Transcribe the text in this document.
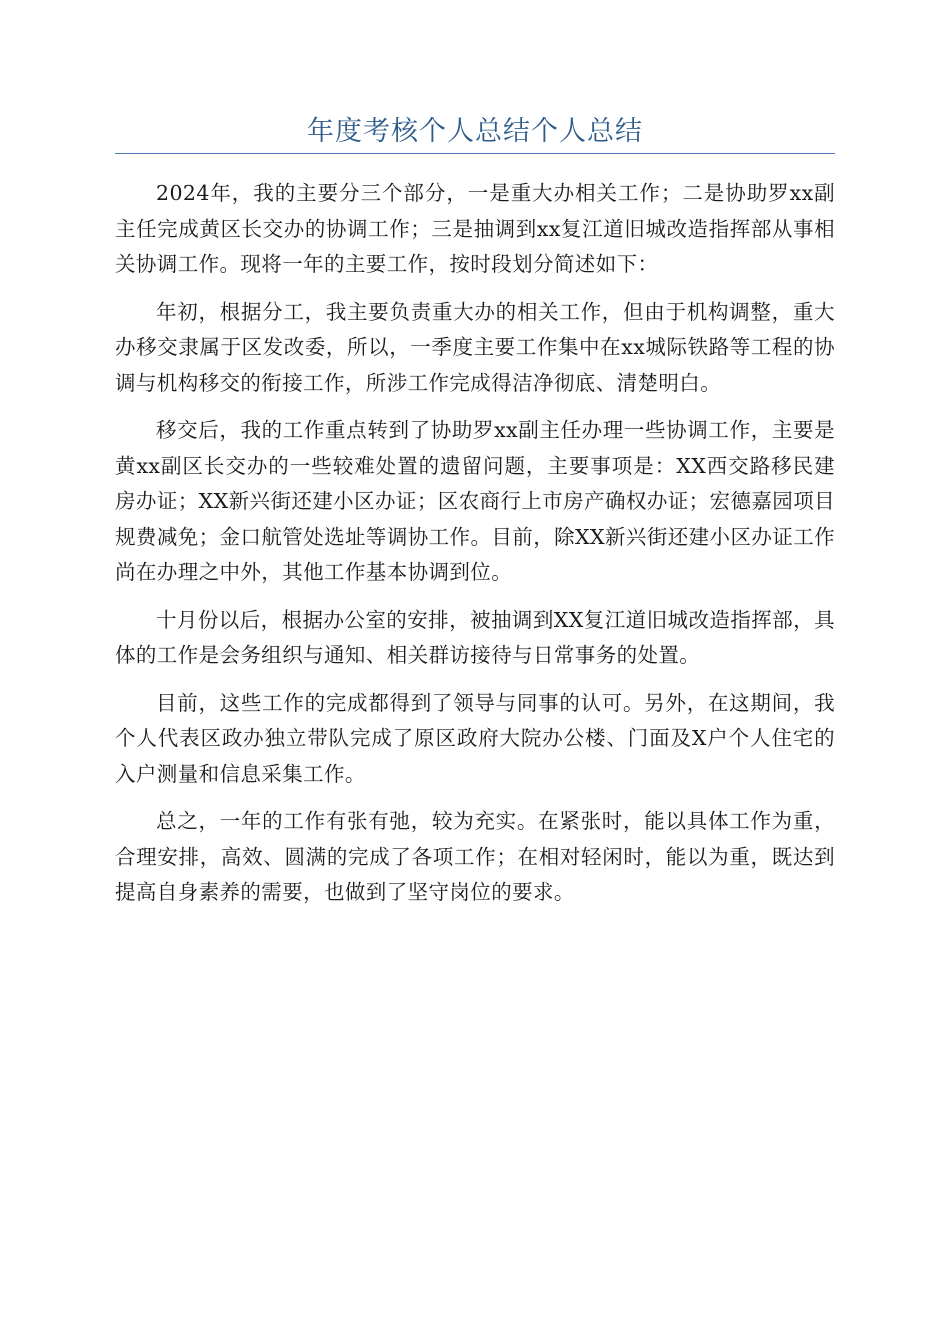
年度考核个人总结个人总结

2024年，我的主要分三个部分，一是重大办相关工作；二是协助罗xx副主任完成黄区长交办的协调工作；三是抽调到xx复江道旧城改造指挥部从事相关协调工作。现将一年的主要工作，按时段划分简述如下：

年初，根据分工，我主要负责重大办的相关工作，但由于机构调整，重大办移交隶属于区发改委，所以，一季度主要工作集中在xx城际铁路等工程的协调与机构移交的衔接工作，所涉工作完成得洁净彻底、清楚明白。

移交后，我的工作重点转到了协助罗xx副主任办理一些协调工作，主要是黄xx副区长交办的一些较难处置的遗留问题，主要事项是：XX西交路移民建房办证；XX新兴街还建小区办证；区农商行上市房产确权办证；宏德嘉园项目规费减免；金口航管处选址等调协工作。目前，除XX新兴街还建小区办证工作尚在办理之中外，其他工作基本协调到位。

十月份以后，根据办公室的安排，被抽调到XX复江道旧城改造指挥部，具体的工作是会务组织与通知、相关群访接待与日常事务的处置。

目前，这些工作的完成都得到了领导与同事的认可。另外，在这期间，我个人代表区政办独立带队完成了原区政府大院办公楼、门面及X户个人住宅的入户测量和信息采集工作。

总之，一年的工作有张有弛，较为充实。在紧张时，能以具体工作为重，合理安排，高效、圆满的完成了各项工作；在相对轻闲时，能以为重，既达到提高自身素养的需要，也做到了坚守岗位的要求。
